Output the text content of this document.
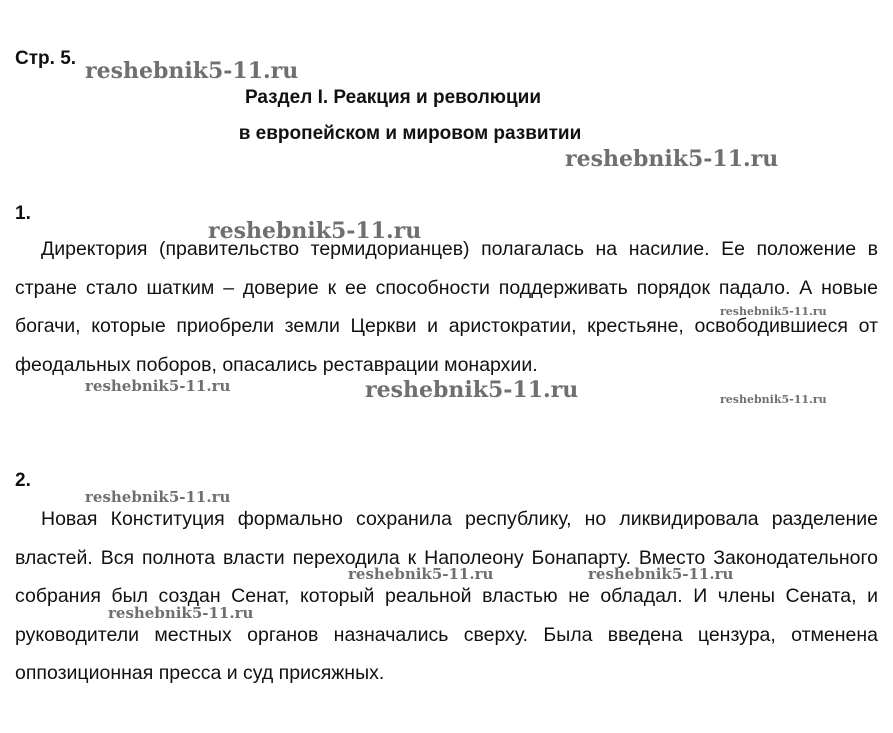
Стр. 5.
Раздел I. Реакция и революции
в европейском и мировом развитии
1.

Директория (правительство термидорианцев) полагалась на насилие. Ее положение в стране стало шатким – доверие к ее способности поддерживать порядок падало. А новые богачи, которые приобрели земли Церкви и аристократии, крестьяне, освободившиеся от феодальных поборов, опасались реставрации монархии.

2.

Новая Конституция формально сохранила республику, но ликвидировала разделение властей. Вся полнота власти переходила к Наполеону Бонапарту. Вместо Законодательного собрания был создан Сенат, который реальной властью не обладал. И члены Сената, и руководители местных органов назначались сверху. Была введена цензура, отменена оппозиционная пресса и суд присяжных.

reshebnik5-11.ru
reshebnik5-11.ru
reshebnik5-11.ru
reshebnik5-11.ru
reshebnik5-11.ru	reshebnik5-11.ru	reshebnik5-11.ru
reshebnik5-11.ru
reshebnik5-11.ru	reshebnik5-11.ru
reshebnik5-11.ru
